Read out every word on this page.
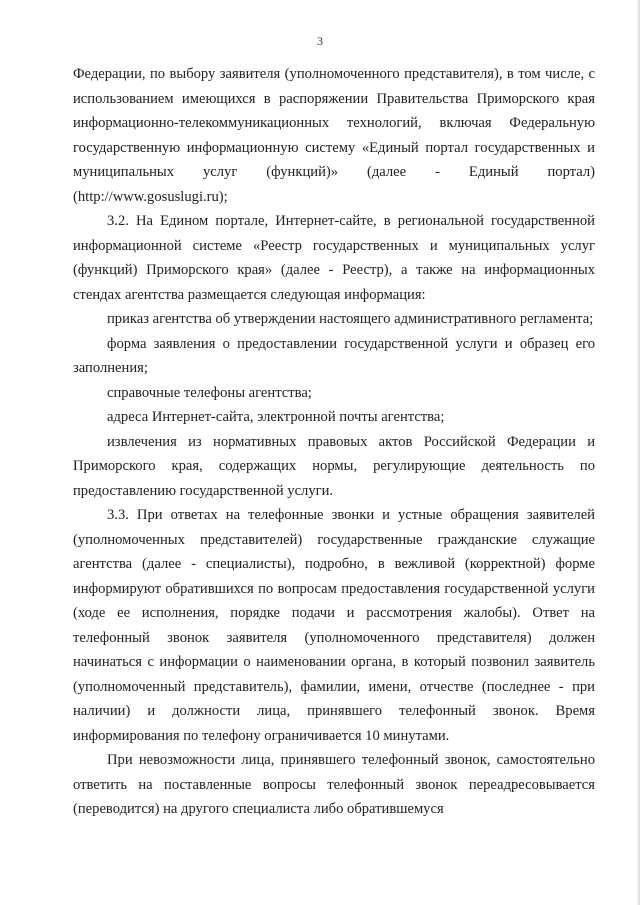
3

Федерации, по выбору заявителя (уполномоченного представителя), в том числе, с использованием имеющихся в распоряжении Правительства Приморского края информационно-телекоммуникационных технологий, включая Федеральную государственную информационную систему «Единый портал государственных и муниципальных услуг (функций)» (далее - Единый портал) (http://www.gosuslugi.ru);

3.2. На Едином портале, Интернет-сайте, в региональной государственной информационной системе «Реестр государственных и муниципальных услуг (функций) Приморского края» (далее - Реестр), а также на информационных стендах агентства размещается следующая информация:

приказ агентства об утверждении настоящего административного регламента;

форма заявления о предоставлении государственной услуги и образец его заполнения;

справочные телефоны агентства;

адреса Интернет-сайта, электронной почты агентства;

извлечения из нормативных правовых актов Российской Федерации и Приморского края, содержащих нормы, регулирующие деятельность по предоставлению государственной услуги.

3.3. При ответах на телефонные звонки и устные обращения заявителей (уполномоченных представителей) государственные гражданские служащие агентства (далее - специалисты), подробно, в вежливой (корректной) форме информируют обратившихся по вопросам предоставления государственной услуги (ходе ее исполнения, порядке подачи и рассмотрения жалобы). Ответ на телефонный звонок заявителя (уполномоченного представителя) должен начинаться с информации о наименовании органа, в который позвонил заявитель (уполномоченный представитель), фамилии, имени, отчестве (последнее - при наличии) и должности лица, принявшего телефонный звонок. Время информирования по телефону ограничивается 10 минутами.

При невозможности лица, принявшего телефонный звонок, самостоятельно ответить на поставленные вопросы телефонный звонок переадресовывается (переводится) на другого специалиста либо обратившемуся
